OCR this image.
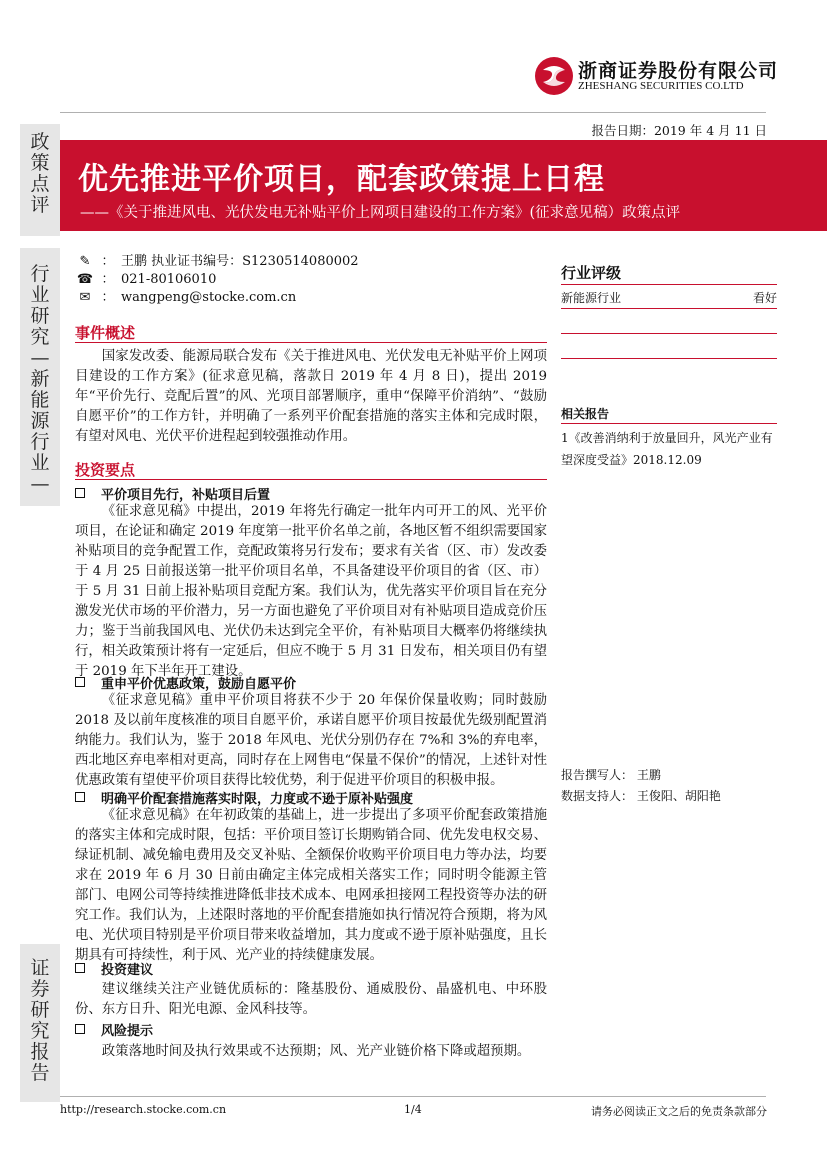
浙商证券股份有限公司
ZHESHANG SECURITIES CO.LTD
报告日期：2019 年 4 月 11 日
政
策
点
评
行
业
研
究
—
新
能
源
行
业
—
证
券
研
究
报
告
优先推进平价项目，配套政策提上日程
——《关于推进风电、光伏发电无补贴平价上网项目建设的工作方案》(征求意见稿）政策点评
✎ ： 王鹏 执业证书编号：S1230514080002
☎ ： 021-80106010
✉ ： wangpeng@stocke.com.cn
事件概述

国家发改委、能源局联合发布《关于推进风电、光伏发电无补贴平价上网项目建设的工作方案》(征求意见稿，落款日 2019 年 4 月 8 日)，提出 2019 年“平价先行、竞配后置”的风、光项目部署顺序，重申“保障平价消纳”、“鼓励自愿平价”的工作方针，并明确了一系列平价配套措施的落实主体和完成时限，有望对风电、光伏平价进程起到较强推动作用。

投资要点
平价项目先行，补贴项目后置

《征求意见稿》中提出，2019 年将先行确定一批年内可开工的风、光平价项目，在论证和确定 2019 年度第一批平价名单之前，各地区暂不组织需要国家补贴项目的竞争配置工作，竞配政策将另行发布；要求有关省（区、市）发改委于 4 月 25 日前报送第一批平价项目名单，不具备建设平价项目的省（区、市）于 5 月 31 日前上报补贴项目竞配方案。我们认为，优先落实平价项目旨在充分激发光伏市场的平价潜力，另一方面也避免了平价项目对有补贴项目造成竞价压力；鉴于当前我国风电、光伏仍未达到完全平价，有补贴项目大概率仍将继续执行，相关政策预计将有一定延后，但应不晚于 5 月 31 日发布，相关项目仍有望于 2019 年下半年开工建设。

重申平价优惠政策，鼓励自愿平价

《征求意见稿》重申平价项目将获不少于 20 年保价保量收购；同时鼓励 2018 及以前年度核准的项目自愿平价，承诺自愿平价项目按最优先级别配置消纳能力。我们认为，鉴于 2018 年风电、光伏分别仍存在 7%和 3%的弃电率，西北地区弃电率相对更高，同时存在上网售电“保量不保价”的情况，上述针对性优惠政策有望使平价项目获得比较优势，利于促进平价项目的积极申报。

明确平价配套措施落实时限，力度或不逊于原补贴强度

《征求意见稿》在年初政策的基础上，进一步提出了多项平价配套政策措施的落实主体和完成时限，包括：平价项目签订长期购销合同、优先发电权交易、绿证机制、减免输电费用及交叉补贴、全额保价收购平价项目电力等办法，均要求在 2019 年 6 月 30 日前由确定主体完成相关落实工作；同时明令能源主管部门、电网公司等持续推进降低非技术成本、电网承担接网工程投资等办法的研究工作。我们认为，上述限时落地的平价配套措施如执行情况符合预期，将为风电、光伏项目特别是平价项目带来收益增加，其力度或不逊于原补贴强度，且长期具有可持续性，利于风、光产业的持续健康发展。

投资建议

建议继续关注产业链优质标的：隆基股份、通威股份、晶盛机电、中环股份、东方日升、阳光电源、金风科技等。

风险提示

政策落地时间及执行效果或不达预期；风、光产业链价格下降或超预期。

行业评级
新能源行业	看好
相关报告

1《改善消纳利于放量回升，风光产业有望深度受益》2018.12.09

报告撰写人： 王鹏
数据支持人： 王俊阳、胡阳艳
http://research.stocke.com.cn	1/4	请务必阅读正文之后的免责条款部分
